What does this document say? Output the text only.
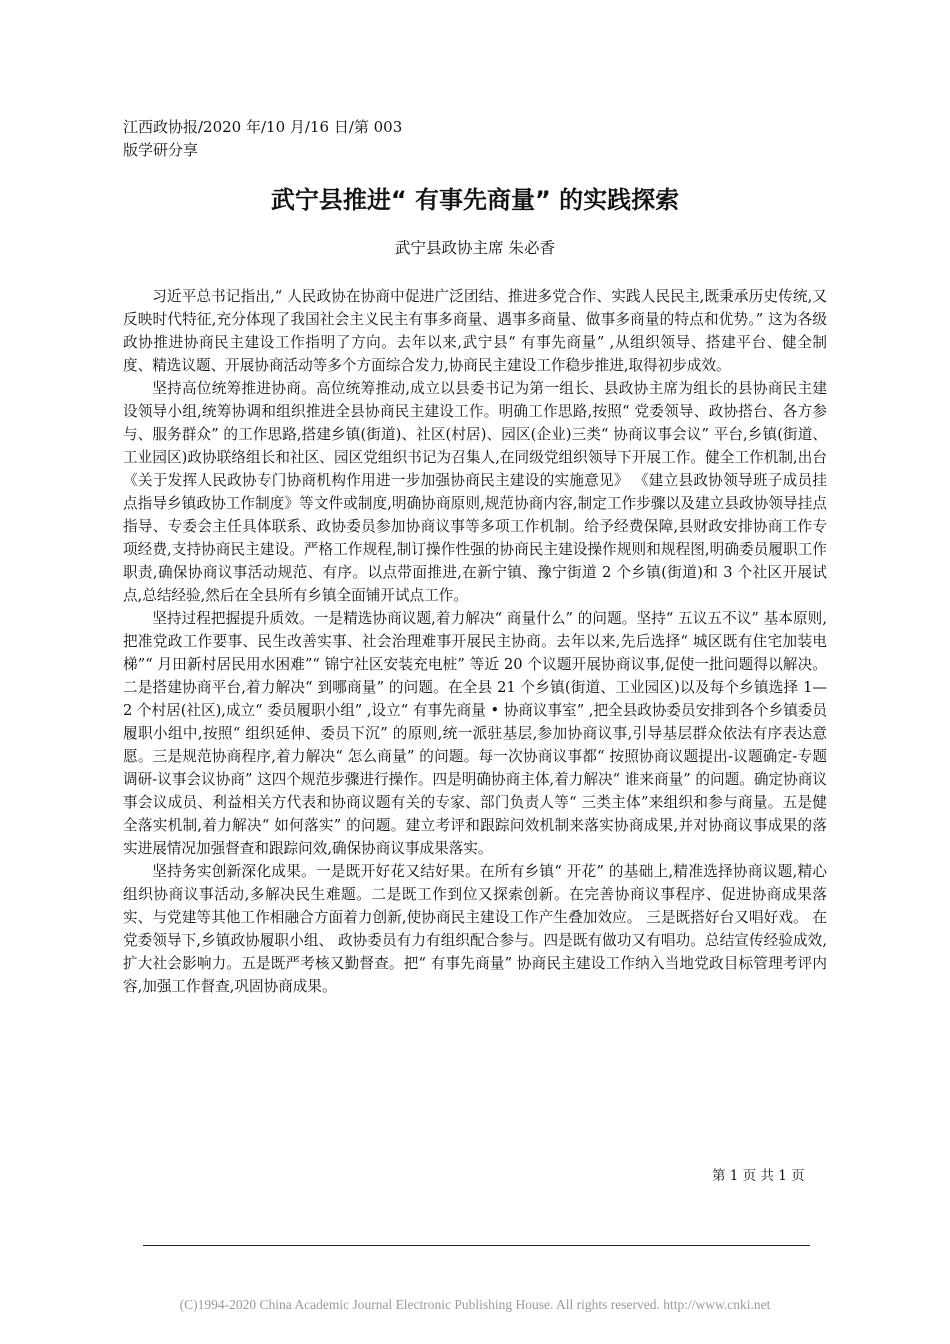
江西政协报/2020 年/10 月/16 日/第 003
版学研分享
武宁县推进“ 有事先商量” 的实践探索
武宁县政协主席 朱必香

习近平总书记指出,“ 人民政协在协商中促进广泛团结、推进多党合作、实践人民民主,既秉承历史传统,又反映时代特征,充分体现了我国社会主义民主有事多商量、遇事多商量、做事多商量的特点和优势。” 这为各级政协推进协商民主建设工作指明了方向。去年以来,武宁县“ 有事先商量” ,从组织领导、搭建平台、健全制度、精选议题、开展协商活动等多个方面综合发力,协商民主建设工作稳步推进,取得初步成效。

坚持高位统筹推进协商。高位统筹推动,成立以县委书记为第一组长、县政协主席为组长的县协商民主建设领导小组,统筹协调和组织推进全县协商民主建设工作。明确工作思路,按照“ 党委领导、政协搭台、各方参与、服务群众” 的工作思路,搭建乡镇(街道)、社区(村居)、园区(企业)三类“ 协商议事会议” 平台,乡镇(街道、工业园区)政协联络组长和社区、园区党组织书记为召集人,在同级党组织领导下开展工作。健全工作机制,出台《关于发挥人民政协专门协商机构作用进一步加强协商民主建设的实施意见》 《建立县政协领导班子成员挂点指导乡镇政协工作制度》等文件或制度,明确协商原则,规范协商内容,制定工作步骤以及建立县政协领导挂点指导、专委会主任具体联系、政协委员参加协商议事等多项工作机制。给予经费保障,县财政安排协商工作专项经费,支持协商民主建设。严格工作规程,制订操作性强的协商民主建设操作规则和规程图,明确委员履职工作职责,确保协商议事活动规范、有序。以点带面推进,在新宁镇、豫宁街道 2 个乡镇(街道)和 3 个社区开展试点,总结经验,然后在全县所有乡镇全面铺开试点工作。

坚持过程把握提升质效。一是精选协商议题,着力解决“ 商量什么” 的问题。坚持“ 五议五不议” 基本原则,把准党政工作要事、民生改善实事、社会治理难事开展民主协商。去年以来,先后选择“ 城区既有住宅加装电梯”“ 月田新村居民用水困难”“ 锦宁社区安装充电桩” 等近 20 个议题开展协商议事,促使一批问题得以解决。二是搭建协商平台,着力解决“ 到哪商量” 的问题。在全县 21 个乡镇(街道、工业园区)以及每个乡镇选择 1—2 个村居(社区),成立“ 委员履职小组” ,设立“ 有事先商量 • 协商议事室” ,把全县政协委员安排到各个乡镇委员履职小组中,按照“ 组织延伸、委员下沉” 的原则,统一派驻基层,参加协商议事,引导基层群众依法有序表达意愿。三是规范协商程序,着力解决“ 怎么商量” 的问题。每一次协商议事都“ 按照协商议题提出-议题确定-专题调研-议事会议协商” 这四个规范步骤进行操作。四是明确协商主体,着力解决“ 谁来商量” 的问题。确定协商议事会议成员、利益相关方代表和协商议题有关的专家、部门负责人等“ 三类主体”来组织和参与商量。五是健全落实机制,着力解决“ 如何落实” 的问题。建立考评和跟踪问效机制来落实协商成果,并对协商议事成果的落实进展情况加强督查和跟踪问效,确保协商议事成果落实。

坚持务实创新深化成果。一是既开好花又结好果。在所有乡镇“ 开花” 的基础上,精准选择协商议题,精心组织协商议事活动,多解决民生难题。二是既工作到位又探索创新。在完善协商议事程序、促进协商成果落实、与党建等其他工作相融合方面着力创新,使协商民主建设工作产生叠加效应。 三是既搭好台又唱好戏。 在党委领导下,乡镇政协履职小组、 政协委员有力有组织配合参与。四是既有做功又有唱功。总结宣传经验成效,扩大社会影响力。五是既严考核又勤督查。把“ 有事先商量” 协商民主建设工作纳入当地党政目标管理考评内容,加强工作督查,巩固协商成果。

第 1 页 共 1 页
(C)1994-2020 China Academic Journal Electronic Publishing House. All rights reserved. http://www.cnki.net
